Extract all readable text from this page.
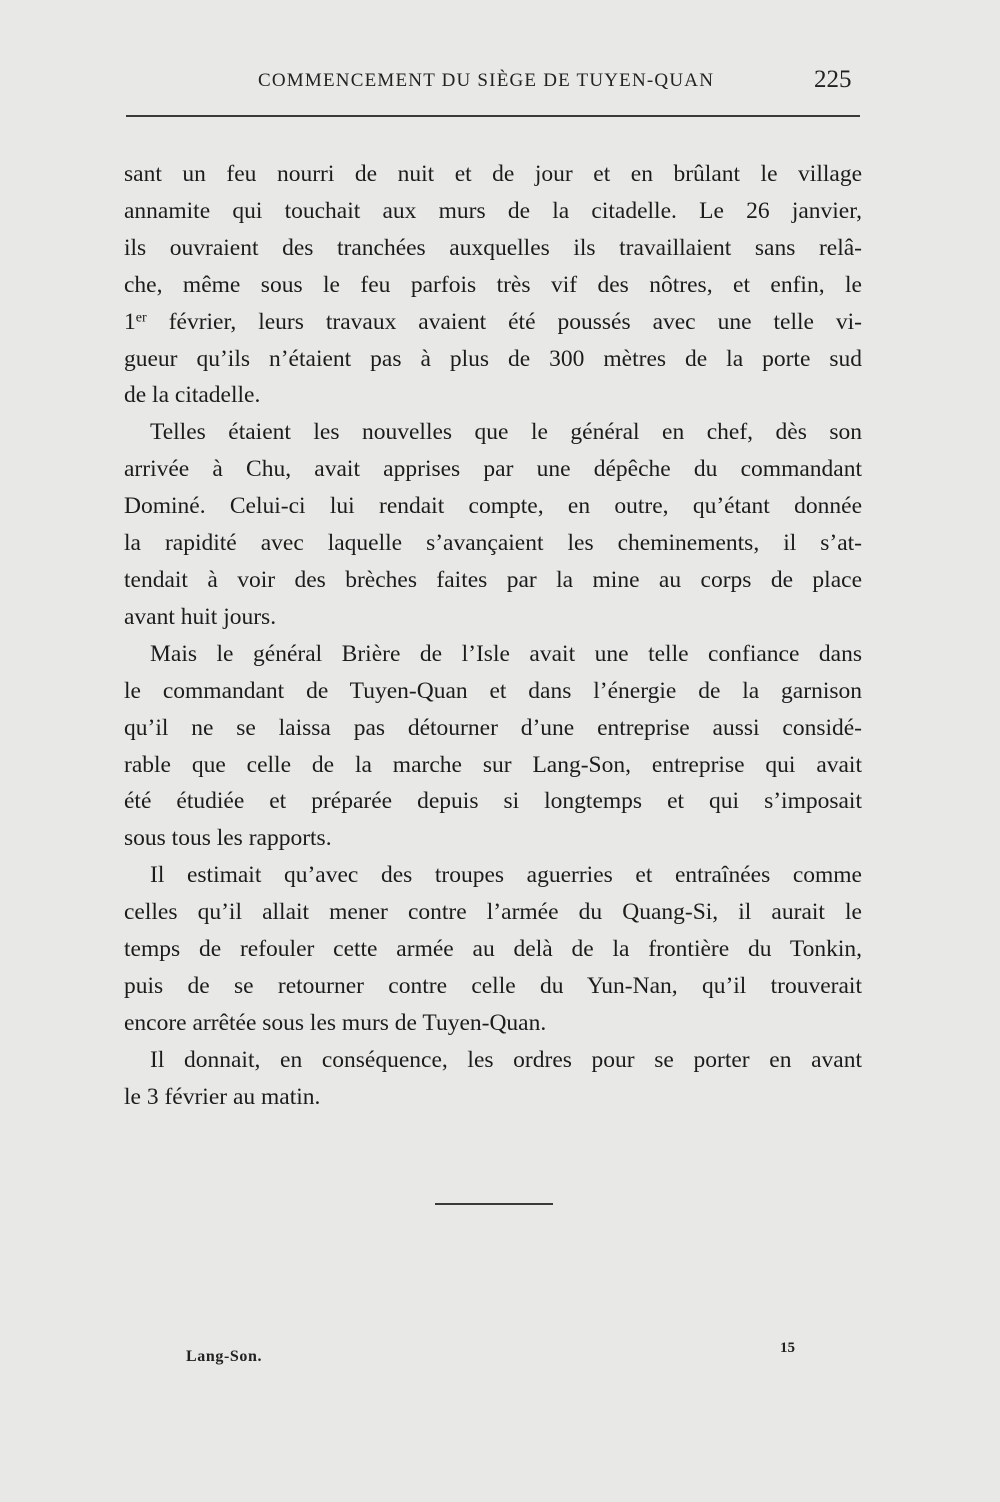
COMMENCEMENT DU SIÈGE DE TUYEN-QUAN	225

sant un feu nourri de nuit et de jour et en brûlant le village
annamite qui touchait aux murs de la citadelle. Le 26 janvier,
ils ouvraient des tranchées auxquelles ils travaillaient sans relâ-
che, même sous le feu parfois très vif des nôtres, et enfin, le
1er février, leurs travaux avaient été poussés avec une telle vi-
gueur qu’ils n’étaient pas à plus de 300 mètres de la porte sud
de la citadelle.

Telles étaient les nouvelles que le général en chef, dès son
arrivée à Chu, avait apprises par une dépêche du commandant
Dominé. Celui-ci lui rendait compte, en outre, qu’étant donnée
la rapidité avec laquelle s’avançaient les cheminements, il s’at-
tendait à voir des brèches faites par la mine au corps de place
avant huit jours.

Mais le général Brière de l’Isle avait une telle confiance dans
le commandant de Tuyen-Quan et dans l’énergie de la garnison
qu’il ne se laissa pas détourner d’une entreprise aussi considé-
rable que celle de la marche sur Lang-Son, entreprise qui avait
été étudiée et préparée depuis si longtemps et qui s’imposait
sous tous les rapports.

Il estimait qu’avec des troupes aguerries et entraînées comme
celles qu’il allait mener contre l’armée du Quang-Si, il aurait le
temps de refouler cette armée au delà de la frontière du Tonkin,
puis de se retourner contre celle du Yun-Nan, qu’il trouverait
encore arrêtée sous les murs de Tuyen-Quan.

Il donnait, en conséquence, les ordres pour se porter en avant
le 3 février au matin.

Lang-Son.	15
